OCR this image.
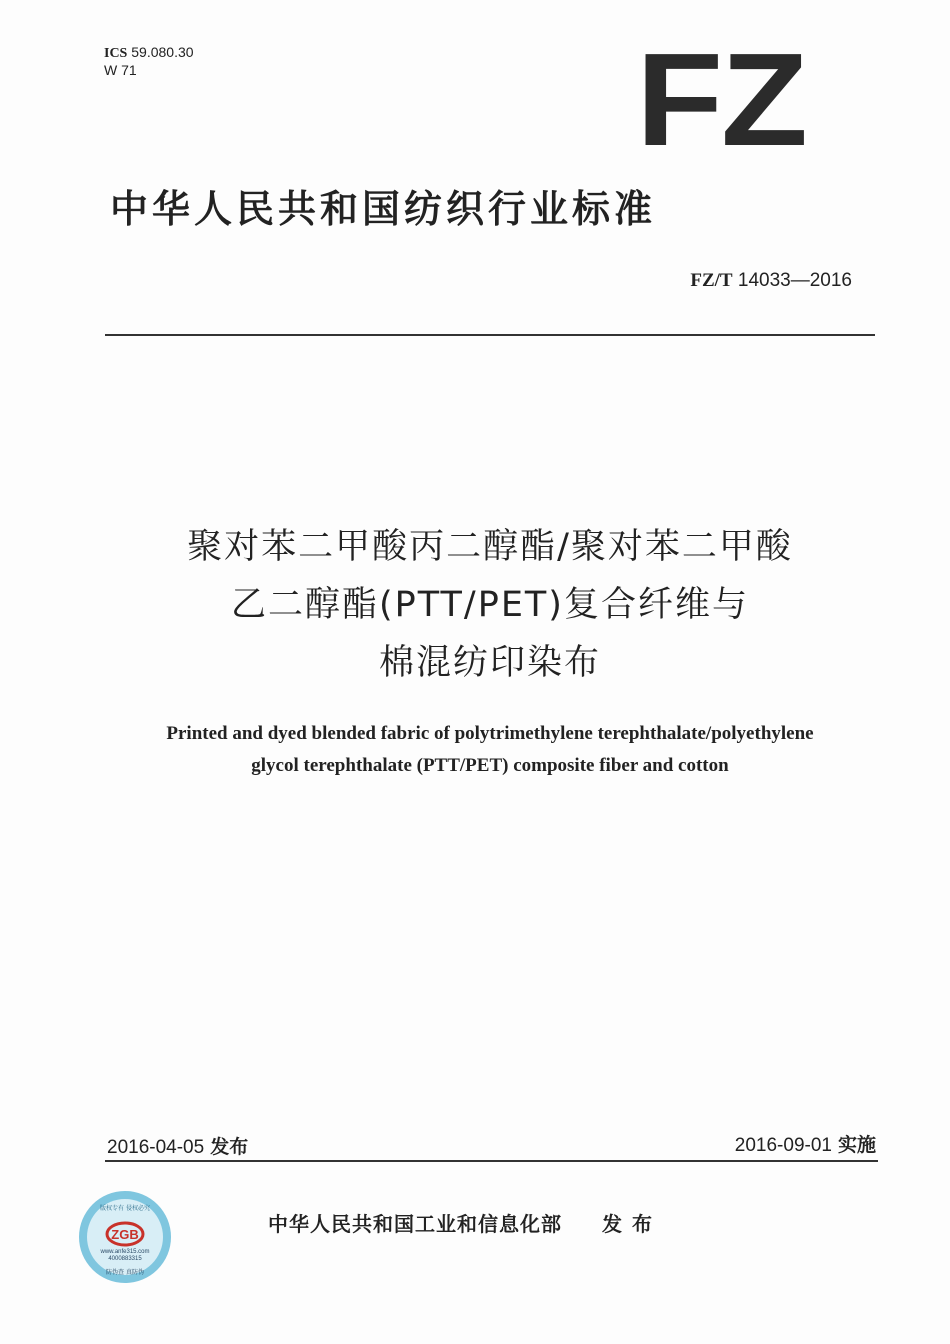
ICS 59.080.30
W 71	FZ
中华人民共和国纺织行业标准
FZ/T 14033—2016
聚对苯二甲酸丙二醇酯/聚对苯二甲酸
乙二醇酯(PTT/PET)复合纤维与
棉混纺印染布
Printed and dyed blended fabric of polytrimethylene terephthalate/polyethylene
glycol terephthalate (PTT/PET) composite fiber and cotton
2016-04-05 发布	2016-09-01 实施
ZGB
版权专有 侵权必究
www.anfe315.com
4000883315
防伪查 真防伪
中华人民共和国工业和信息化部 发布
